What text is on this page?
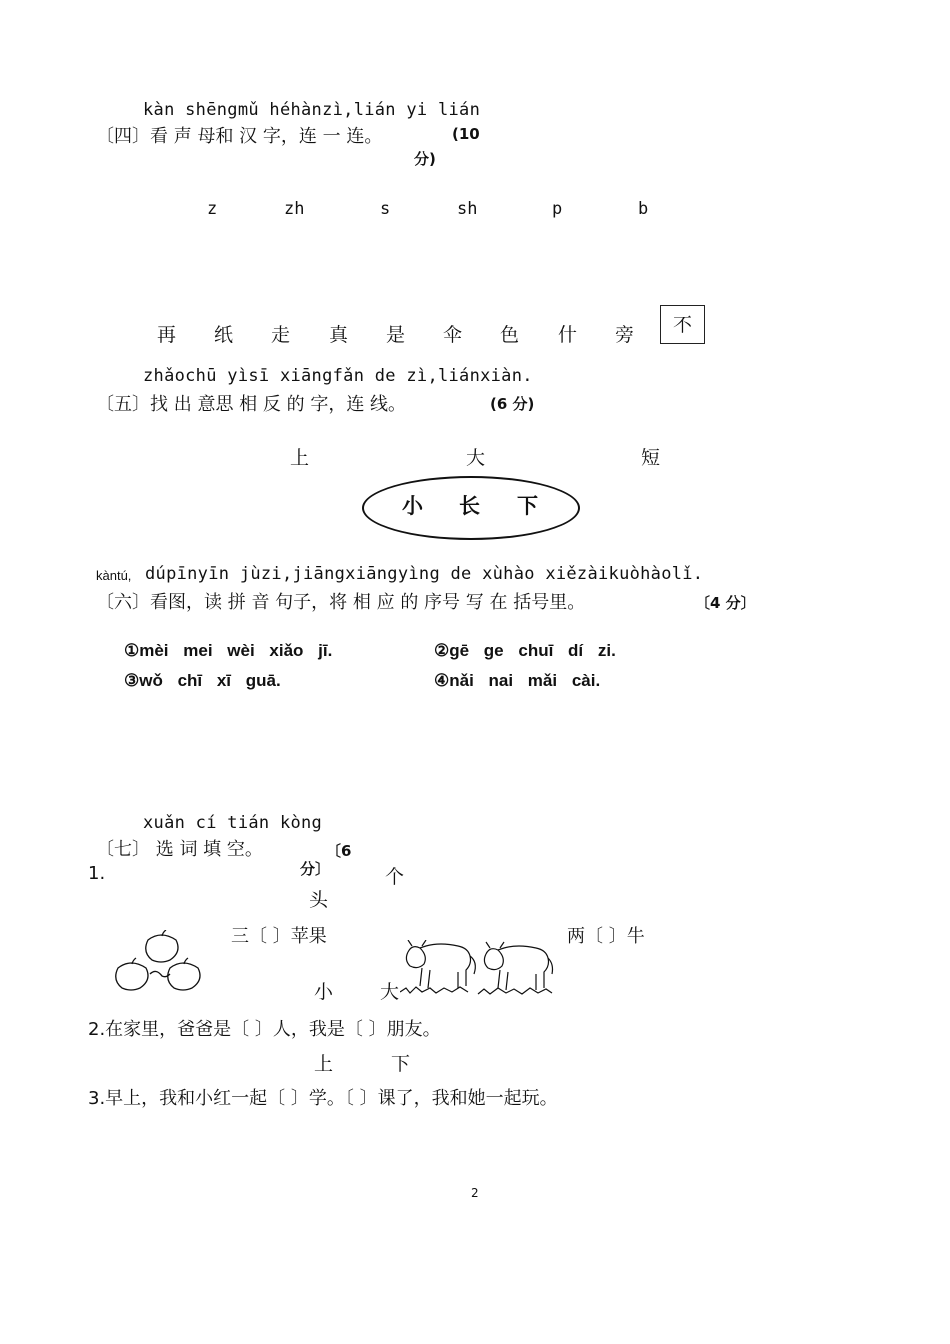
kàn shēngmǔ héhànzì,lián yi lián
〔四〕看 声 母和 汉 字，连 一 连。	(10
分)
z	zh	s	sh	p	b
再 纸 走 真 是 伞 色 什 旁	不
zhǎochū yìsī xiāngfǎn de zì,liánxiàn.
〔五〕找 出 意思 相 反 的 字，连 线。	(6 分)
上	大	短
小 长 下
kàntú, dúpīnyīn jùzi,jiāngxiāngyìng de xùhào xiězàikuòhàolǐ.
〔六〕看图，读 拼 音 句子，将 相 应 的 序号 写 在 括号里。	〔4 分〕
①mèi mei wèi xiǎo jī.	②gē ge chuī dí zi.
③wǒ chī xī guā.	④nǎi nai mǎi cài.
xuǎn cí tián kòng
〔七〕 选 词 填 空。	〔6
分〕
1.	个
头
三〔 〕苹果	两〔 〕牛
小 大
2.在家里，爸爸是〔 〕人，我是〔 〕朋友。
上	下
3.早上，我和小红一起〔 〕学。〔 〕课了，我和她一起玩。
2
